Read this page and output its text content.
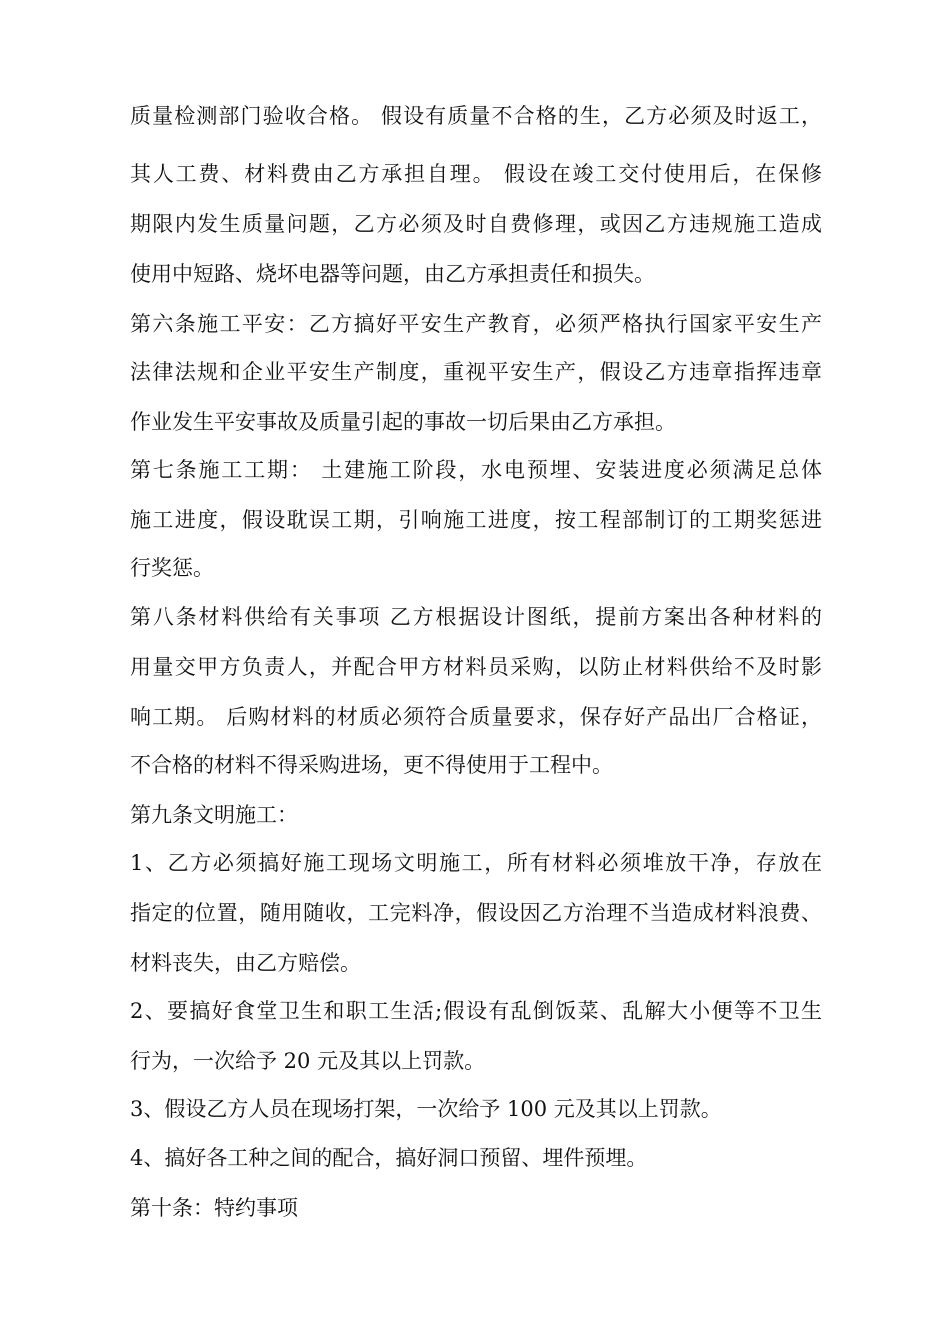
质量检测部门验收合格。 假设有质量不合格的生，乙方必须及时返工，
其人工费、材料费由乙方承担自理。 假设在竣工交付使用后，在保修
期限内发生质量问题，乙方必须及时自费修理，或因乙方违规施工造成
使用中短路、烧坏电器等问题，由乙方承担责任和损失。
第六条施工平安：乙方搞好平安生产教育，必须严格执行国家平安生产
法律法规和企业平安生产制度，重视平安生产，假设乙方违章指挥违章
作业发生平安事故及质量引起的事故一切后果由乙方承担。
第七条施工工期： 土建施工阶段，水电预埋、安装进度必须满足总体
施工进度，假设耽误工期，引响施工进度，按工程部制订的工期奖惩进
行奖惩。
第八条材料供给有关事项 乙方根据设计图纸，提前方案出各种材料的
用量交甲方负责人，并配合甲方材料员采购，以防止材料供给不及时影
响工期。 后购材料的材质必须符合质量要求，保存好产品出厂合格证，
不合格的材料不得采购进场，更不得使用于工程中。
第九条文明施工：
1、乙方必须搞好施工现场文明施工，所有材料必须堆放干净，存放在
指定的位置，随用随收，工完料净，假设因乙方治理不当造成材料浪费、
材料丧失，由乙方赔偿。
2、要搞好食堂卫生和职工生活;假设有乱倒饭菜、乱解大小便等不卫生
行为，一次给予 20 元及其以上罚款。
3、假设乙方人员在现场打架，一次给予 100 元及其以上罚款。
4、搞好各工种之间的配合，搞好洞口预留、埋件预埋。
第十条：特约事项
